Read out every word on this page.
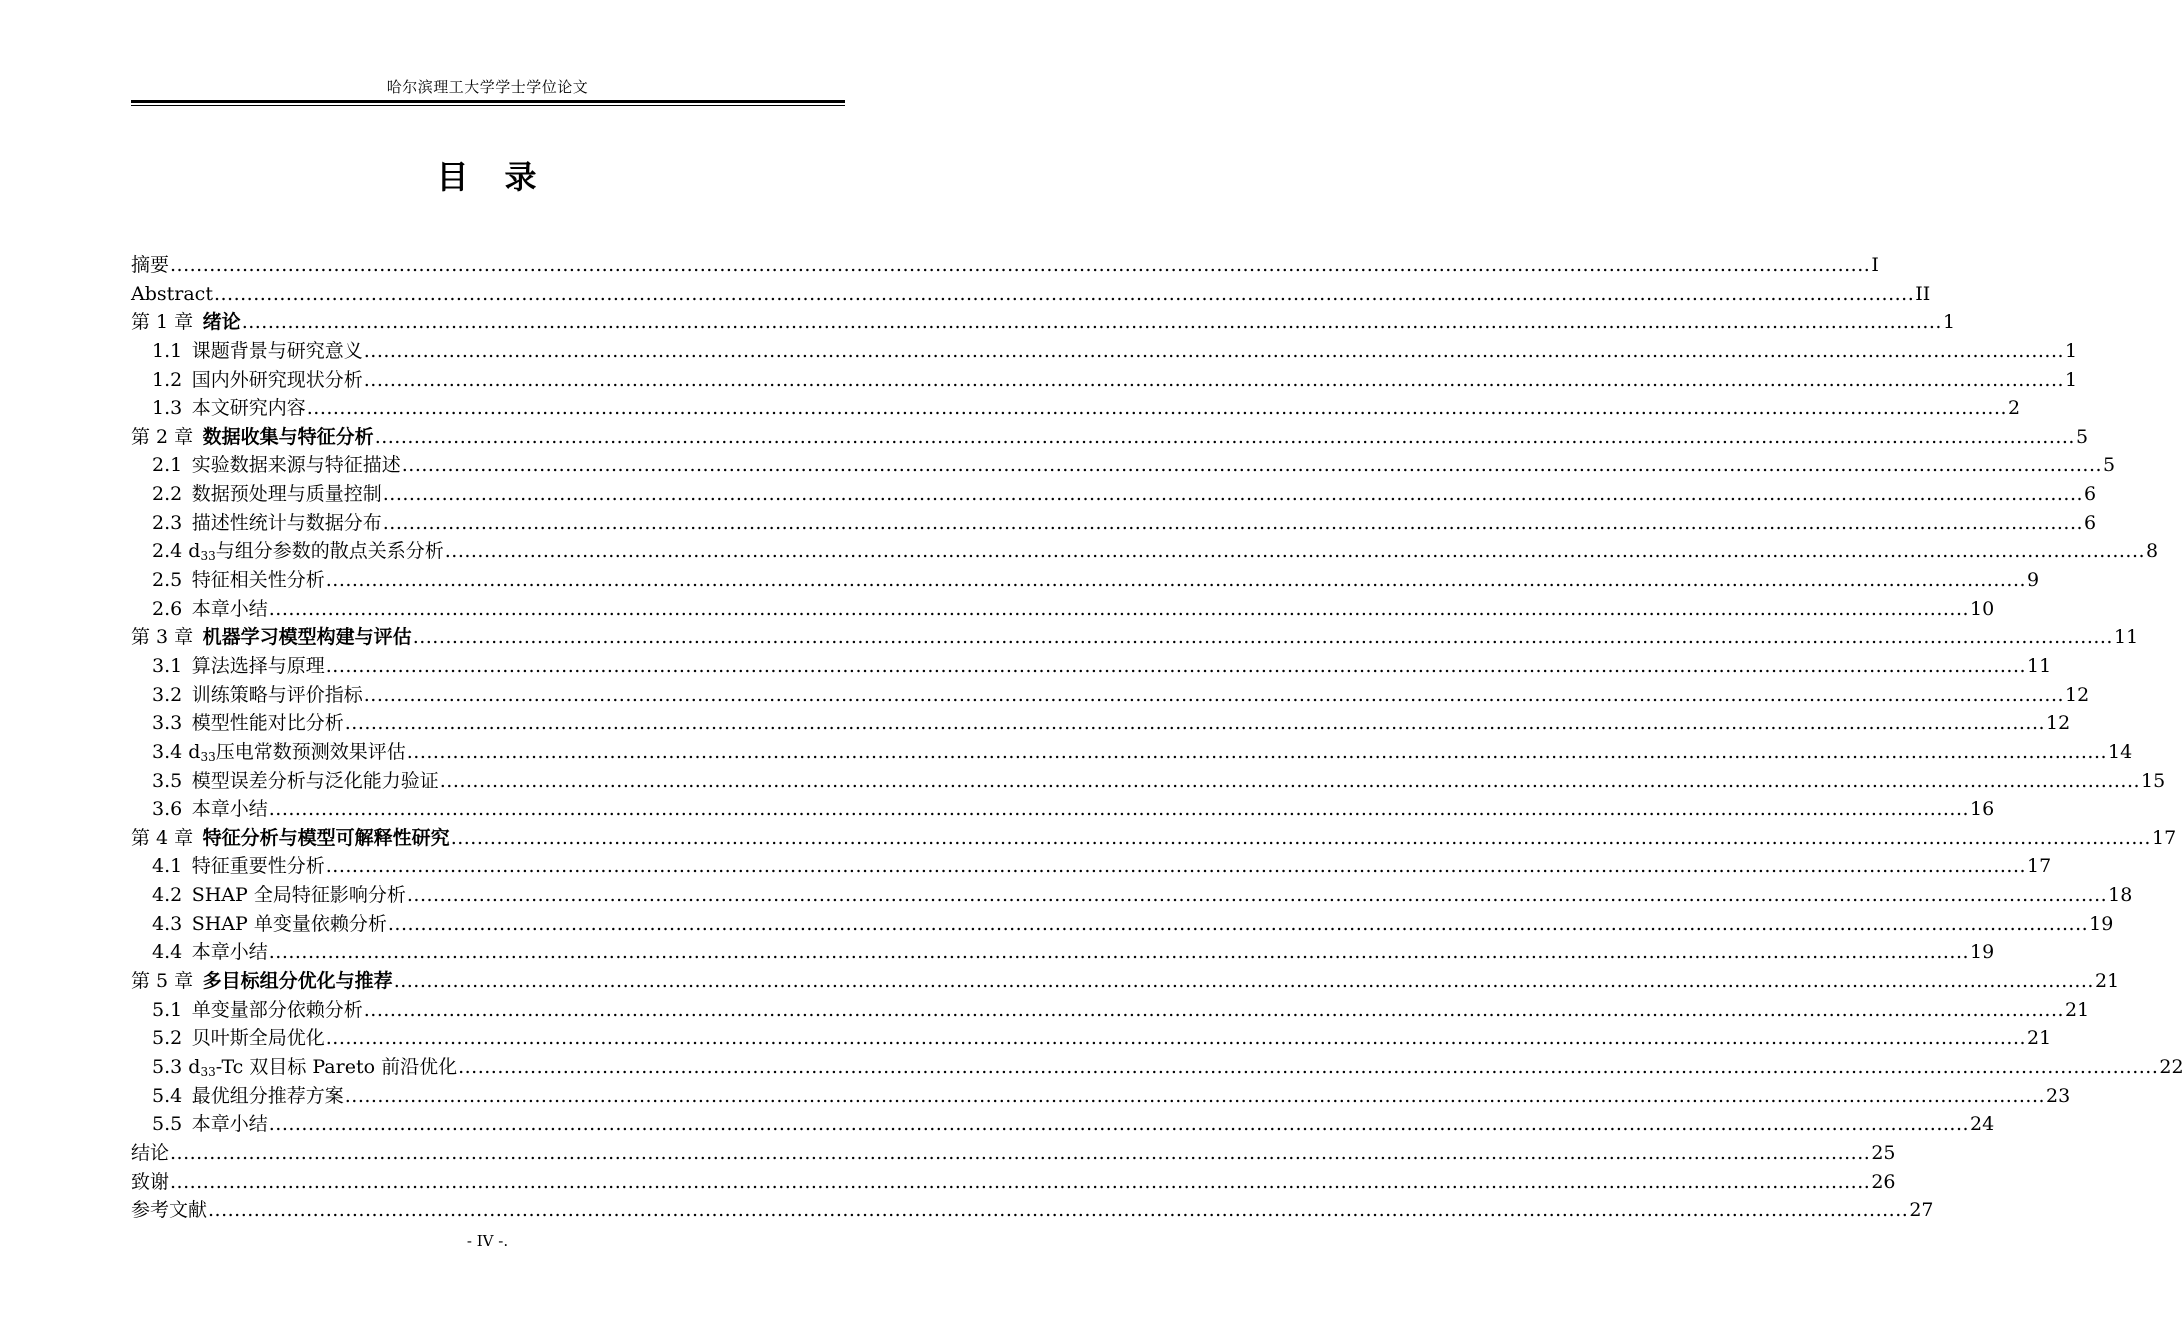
哈尔滨理工大学学士学位论文
目 录
摘要 .................................................................................................................................................................................................................................................................... I
Abstract .................................................................................................................................................................................................................................................................... II
第 1 章  绪论 .................................................................................................................................................................................................................................................................... 1
1.1  课题背景与研究意义 .................................................................................................................................................................................................................................................................... 1
1.2  国内外研究现状分析 .................................................................................................................................................................................................................................................................... 1
1.3  本文研究内容 .................................................................................................................................................................................................................................................................... 2
第 2 章  数据收集与特征分析 .................................................................................................................................................................................................................................................................... 5
2.1  实验数据来源与特征描述 .................................................................................................................................................................................................................................................................... 5
2.2  数据预处理与质量控制 .................................................................................................................................................................................................................................................................... 6
2.3  描述性统计与数据分布 .................................................................................................................................................................................................................................................................... 6
2.4 $d_{33}$与组分参数的散点关系分析 .................................................................................................................................................................................................................................................................... 8
2.5  特征相关性分析 .................................................................................................................................................................................................................................................................... 9
2.6  本章小结 .................................................................................................................................................................................................................................................................... 10
第 3 章  机器学习模型构建与评估 .................................................................................................................................................................................................................................................................... 11
3.1  算法选择与原理 .................................................................................................................................................................................................................................................................... 11
3.2  训练策略与评价指标 .................................................................................................................................................................................................................................................................... 12
3.3  模型性能对比分析 .................................................................................................................................................................................................................................................................... 12
3.4 $d_{33}$压电常数预测效果评估 .................................................................................................................................................................................................................................................................... 14
3.5  模型误差分析与泛化能力验证 .................................................................................................................................................................................................................................................................... 15
3.6  本章小结 .................................................................................................................................................................................................................................................................... 16
第 4 章  特征分析与模型可解释性研究 .................................................................................................................................................................................................................................................................... 17
4.1  特征重要性分析 .................................................................................................................................................................................................................................................................... 17
4.2  SHAP 全局特征影响分析 .................................................................................................................................................................................................................................................................... 18
4.3  SHAP 单变量依赖分析 .................................................................................................................................................................................................................................................................... 19
4.4  本章小结 .................................................................................................................................................................................................................................................................... 19
第 5 章  多目标组分优化与推荐 .................................................................................................................................................................................................................................................................... 21
5.1  单变量部分依赖分析 .................................................................................................................................................................................................................................................................... 21
5.2  贝叶斯全局优化 .................................................................................................................................................................................................................................................................... 21
5.3 $d_{33}-Tc$ 双目标 Pareto 前沿优化 .................................................................................................................................................................................................................................................................... 22
5.4  最优组分推荐方案 .................................................................................................................................................................................................................................................................... 23
5.5  本章小结 .................................................................................................................................................................................................................................................................... 24
结论 .................................................................................................................................................................................................................................................................... 25
致谢 .................................................................................................................................................................................................................................................................... 26
参考文献 .................................................................................................................................................................................................................................................................... 27
- IV -.
